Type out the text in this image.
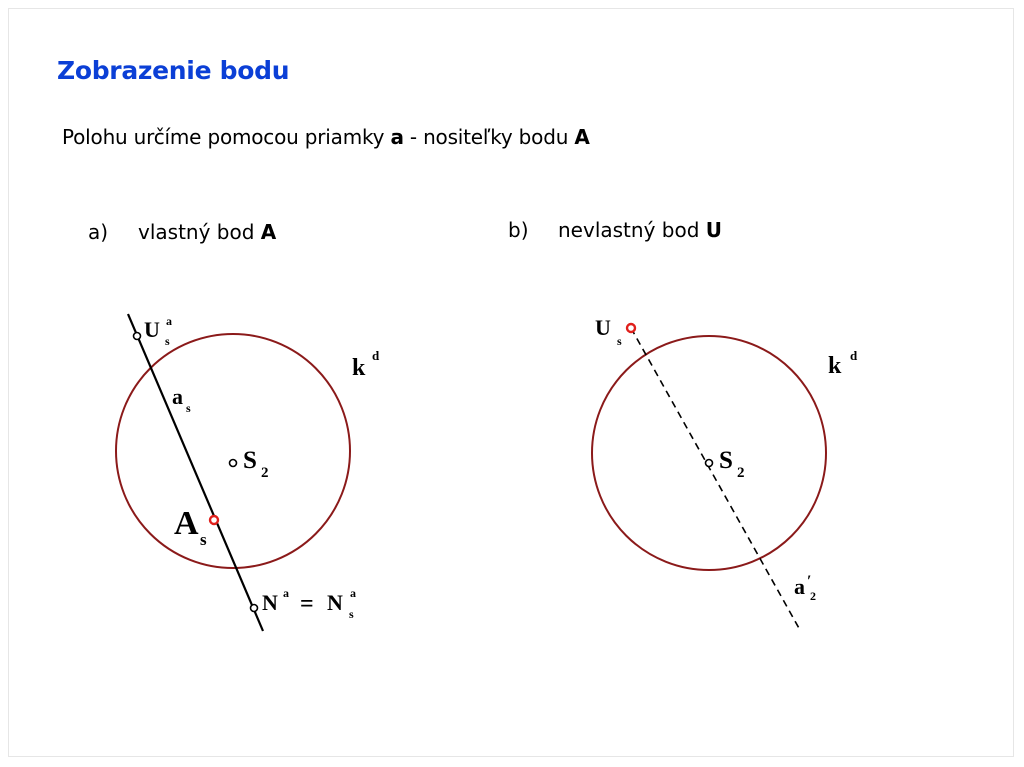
Zobrazenie bodu
Polohu určíme pomocou priamky a - nositeľky bodu A
a) vlastný bod A	b) nevlastný bod U
U a
s
k d
a s
S 2
A s
N a = N a
s
U
s
k d
S 2
a ′
2
